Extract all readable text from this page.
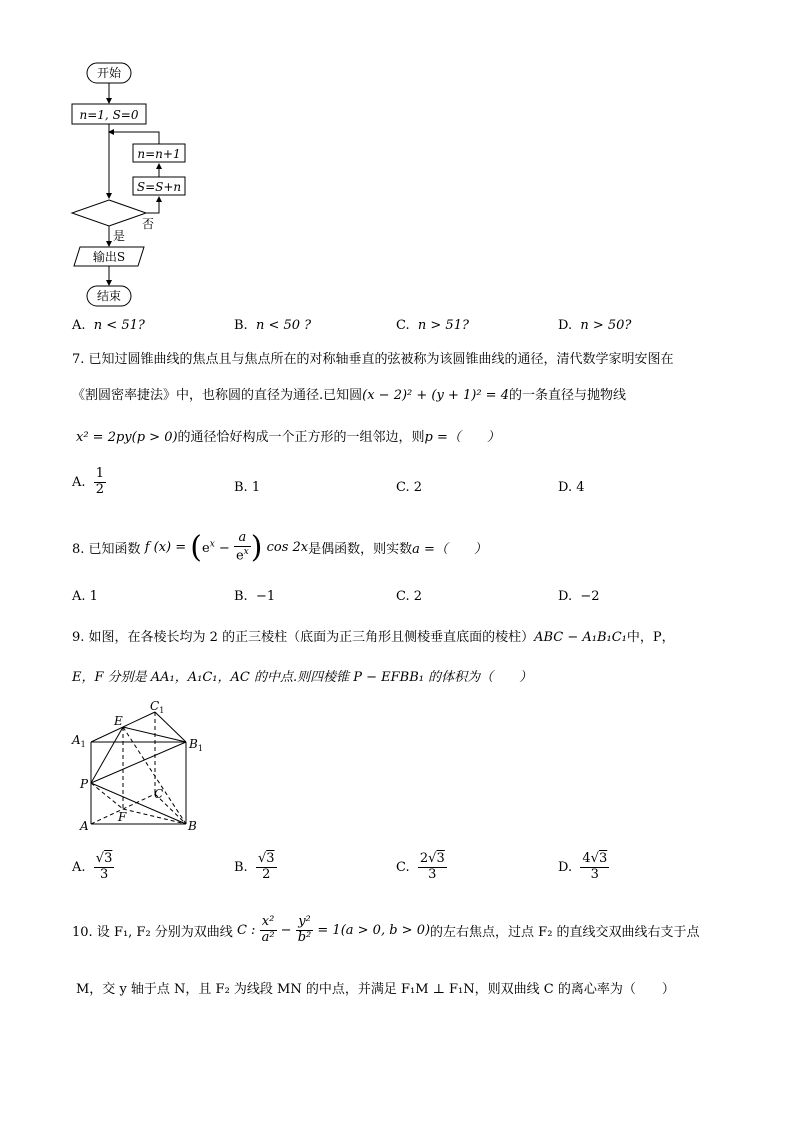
开始
n=1, S=0
n=n+1
S=S+n
否
是
输出S
结束
A. n < 51?	B. n < 50 ?	C. n > 51?	D. n > 50?
7. 已知过圆锥曲线的焦点且与焦点所在的对称轴垂直的弦被称为该圆锥曲线的通径，清代数学家明安图在
《割圆密率捷法》中，也称圆的直径为通径.已知圆(x − 2)² + (y + 1)² = 4的一条直径与抛物线
x² = 2py(p > 0)的通径恰好构成一个正方形的一组邻边，则p =（　　）
A. $\frac{1}{2}$	B. 1	C. 2	D. 4
8. 已知函数 f $(x) = (e^x - \frac{a}{e^x}$ ) cos 2x是偶函数，则实数a =（　　）
A. 1	B. −1	C. 2	D. −2
9. 如图，在各棱长均为 2 的正三棱柱（底面为正三角形且侧棱垂直底面的棱柱）ABC − A₁B₁C₁中，P，
E，F 分别是 AA₁，A₁C₁，AC 的中点.则四棱锥 P − EFBB₁ 的体积为（　　）
$C_1$
E
$A_1$	$B_1$
P
C
A
F
B
A. $\frac{√3}{3}$	B. $\frac{√3}{2}$	C. $\frac{2√3}{3}$	D. $\frac{4√3}{3}$
10. 设 F₁, F₂ 分别为双曲线 C : $\frac{\text{x²}}{\text{a²}} - \frac{\text{y²}}{\text{b²}} = 1(a > 0$, b > 0)的左右焦点，过点 F₂ 的直线交双曲线右支于点
M，交 y 轴于点 N，且 F₂ 为线段 MN 的中点，并满足 F₁M ⊥ F₁N，则双曲线 C 的离心率为（　　）
